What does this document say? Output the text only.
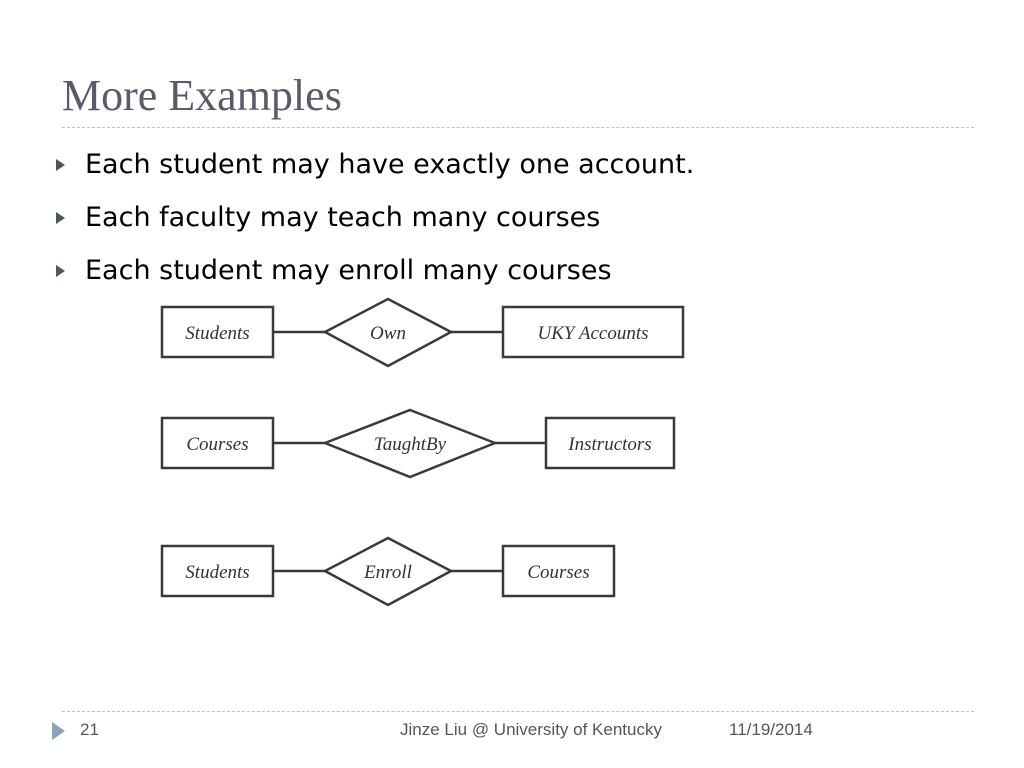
More Examples
Each student may have exactly one account.
Each faculty may teach many courses
Each student may enroll many courses
Students	Own	UKY Accounts
Courses	TaughtBy	Instructors
Students	Enroll	Courses
21	Jinze Liu @ University of Kentucky	11/19/2014
